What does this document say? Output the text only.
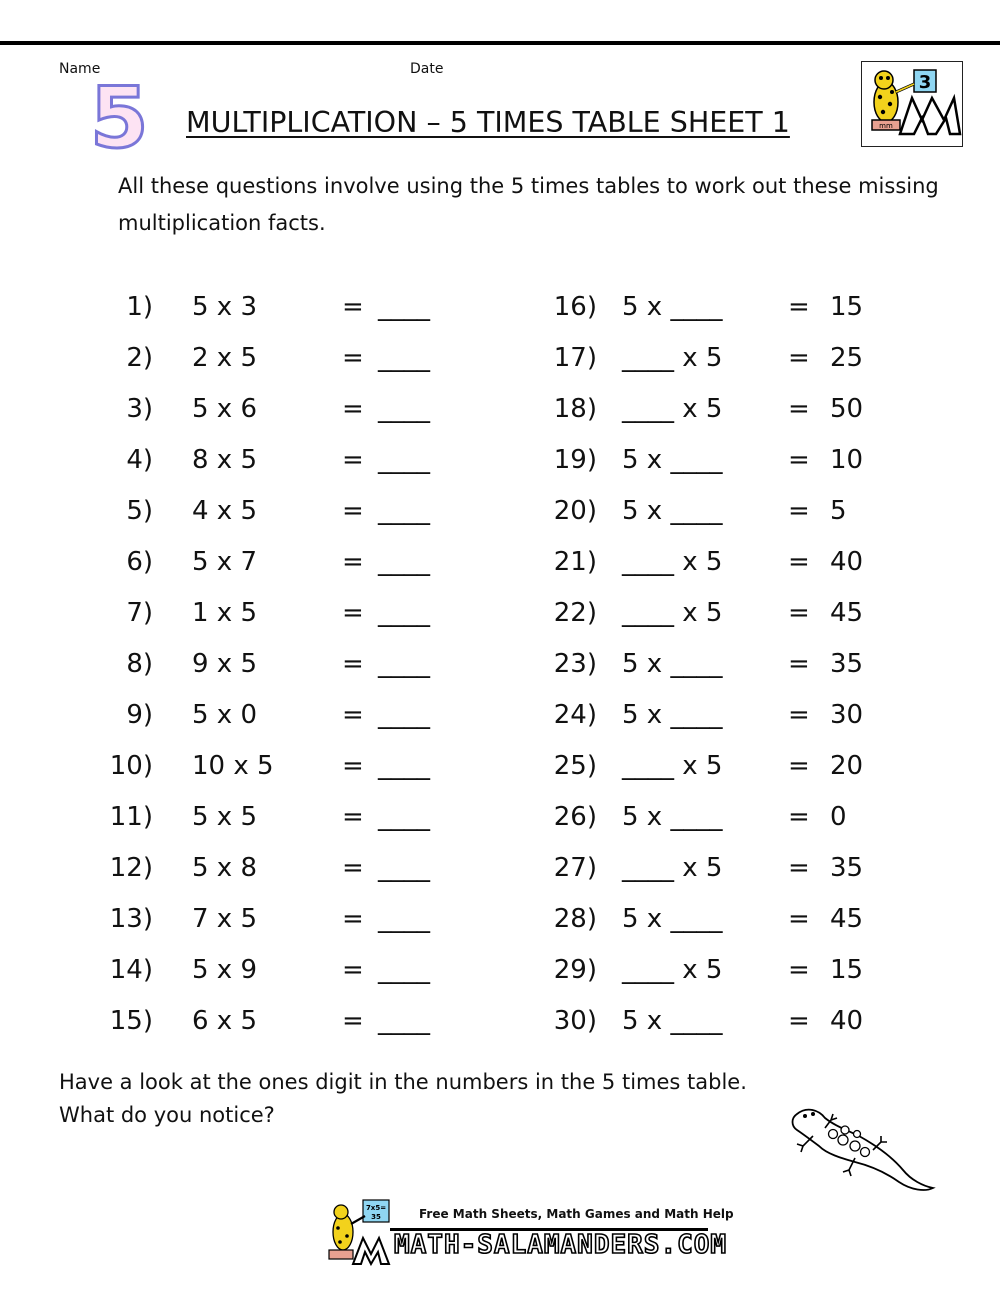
Name	Date
5 MULTIPLICATION – 5 TIMES TABLE SHEET 1
3
mm
All these questions involve using the 5 times tables to work out these missing multiplication facts.
1) 5 x 3	= ____
2) 2 x 5	= ____
3) 5 x 6	= ____
4) 8 x 5	= ____
5) 4 x 5	= ____
6) 5 x 7	= ____
7) 1 x 5	= ____
8) 9 x 5	= ____
9) 5 x 0	= ____
10) 10 x 5	= ____
11) 5 x 5	= ____
12) 5 x 8	= ____
13) 7 x 5	= ____
14) 5 x 9	= ____
15) 6 x 5	= ____
16) 5 x ____	= 15
17) ____ x 5	= 25
18) ____ x 5	= 50
19) 5 x ____	= 10
20) 5 x ____	= 5
21) ____ x 5	= 40
22) ____ x 5	= 45
23) 5 x ____	= 35
24) 5 x ____	= 30
25) ____ x 5	= 20
26) 5 x ____	= 0
27) ____ x 5	= 35
28) 5 x ____	= 45
29) ____ x 5	= 15
30) 5 x ____	= 40
Have a look at the ones digit in the numbers in the 5 times table.
What do you notice?
7x5=
35	Free Math Sheets, Math Games and Math Help
MATH-SALAMANDERS.COM
